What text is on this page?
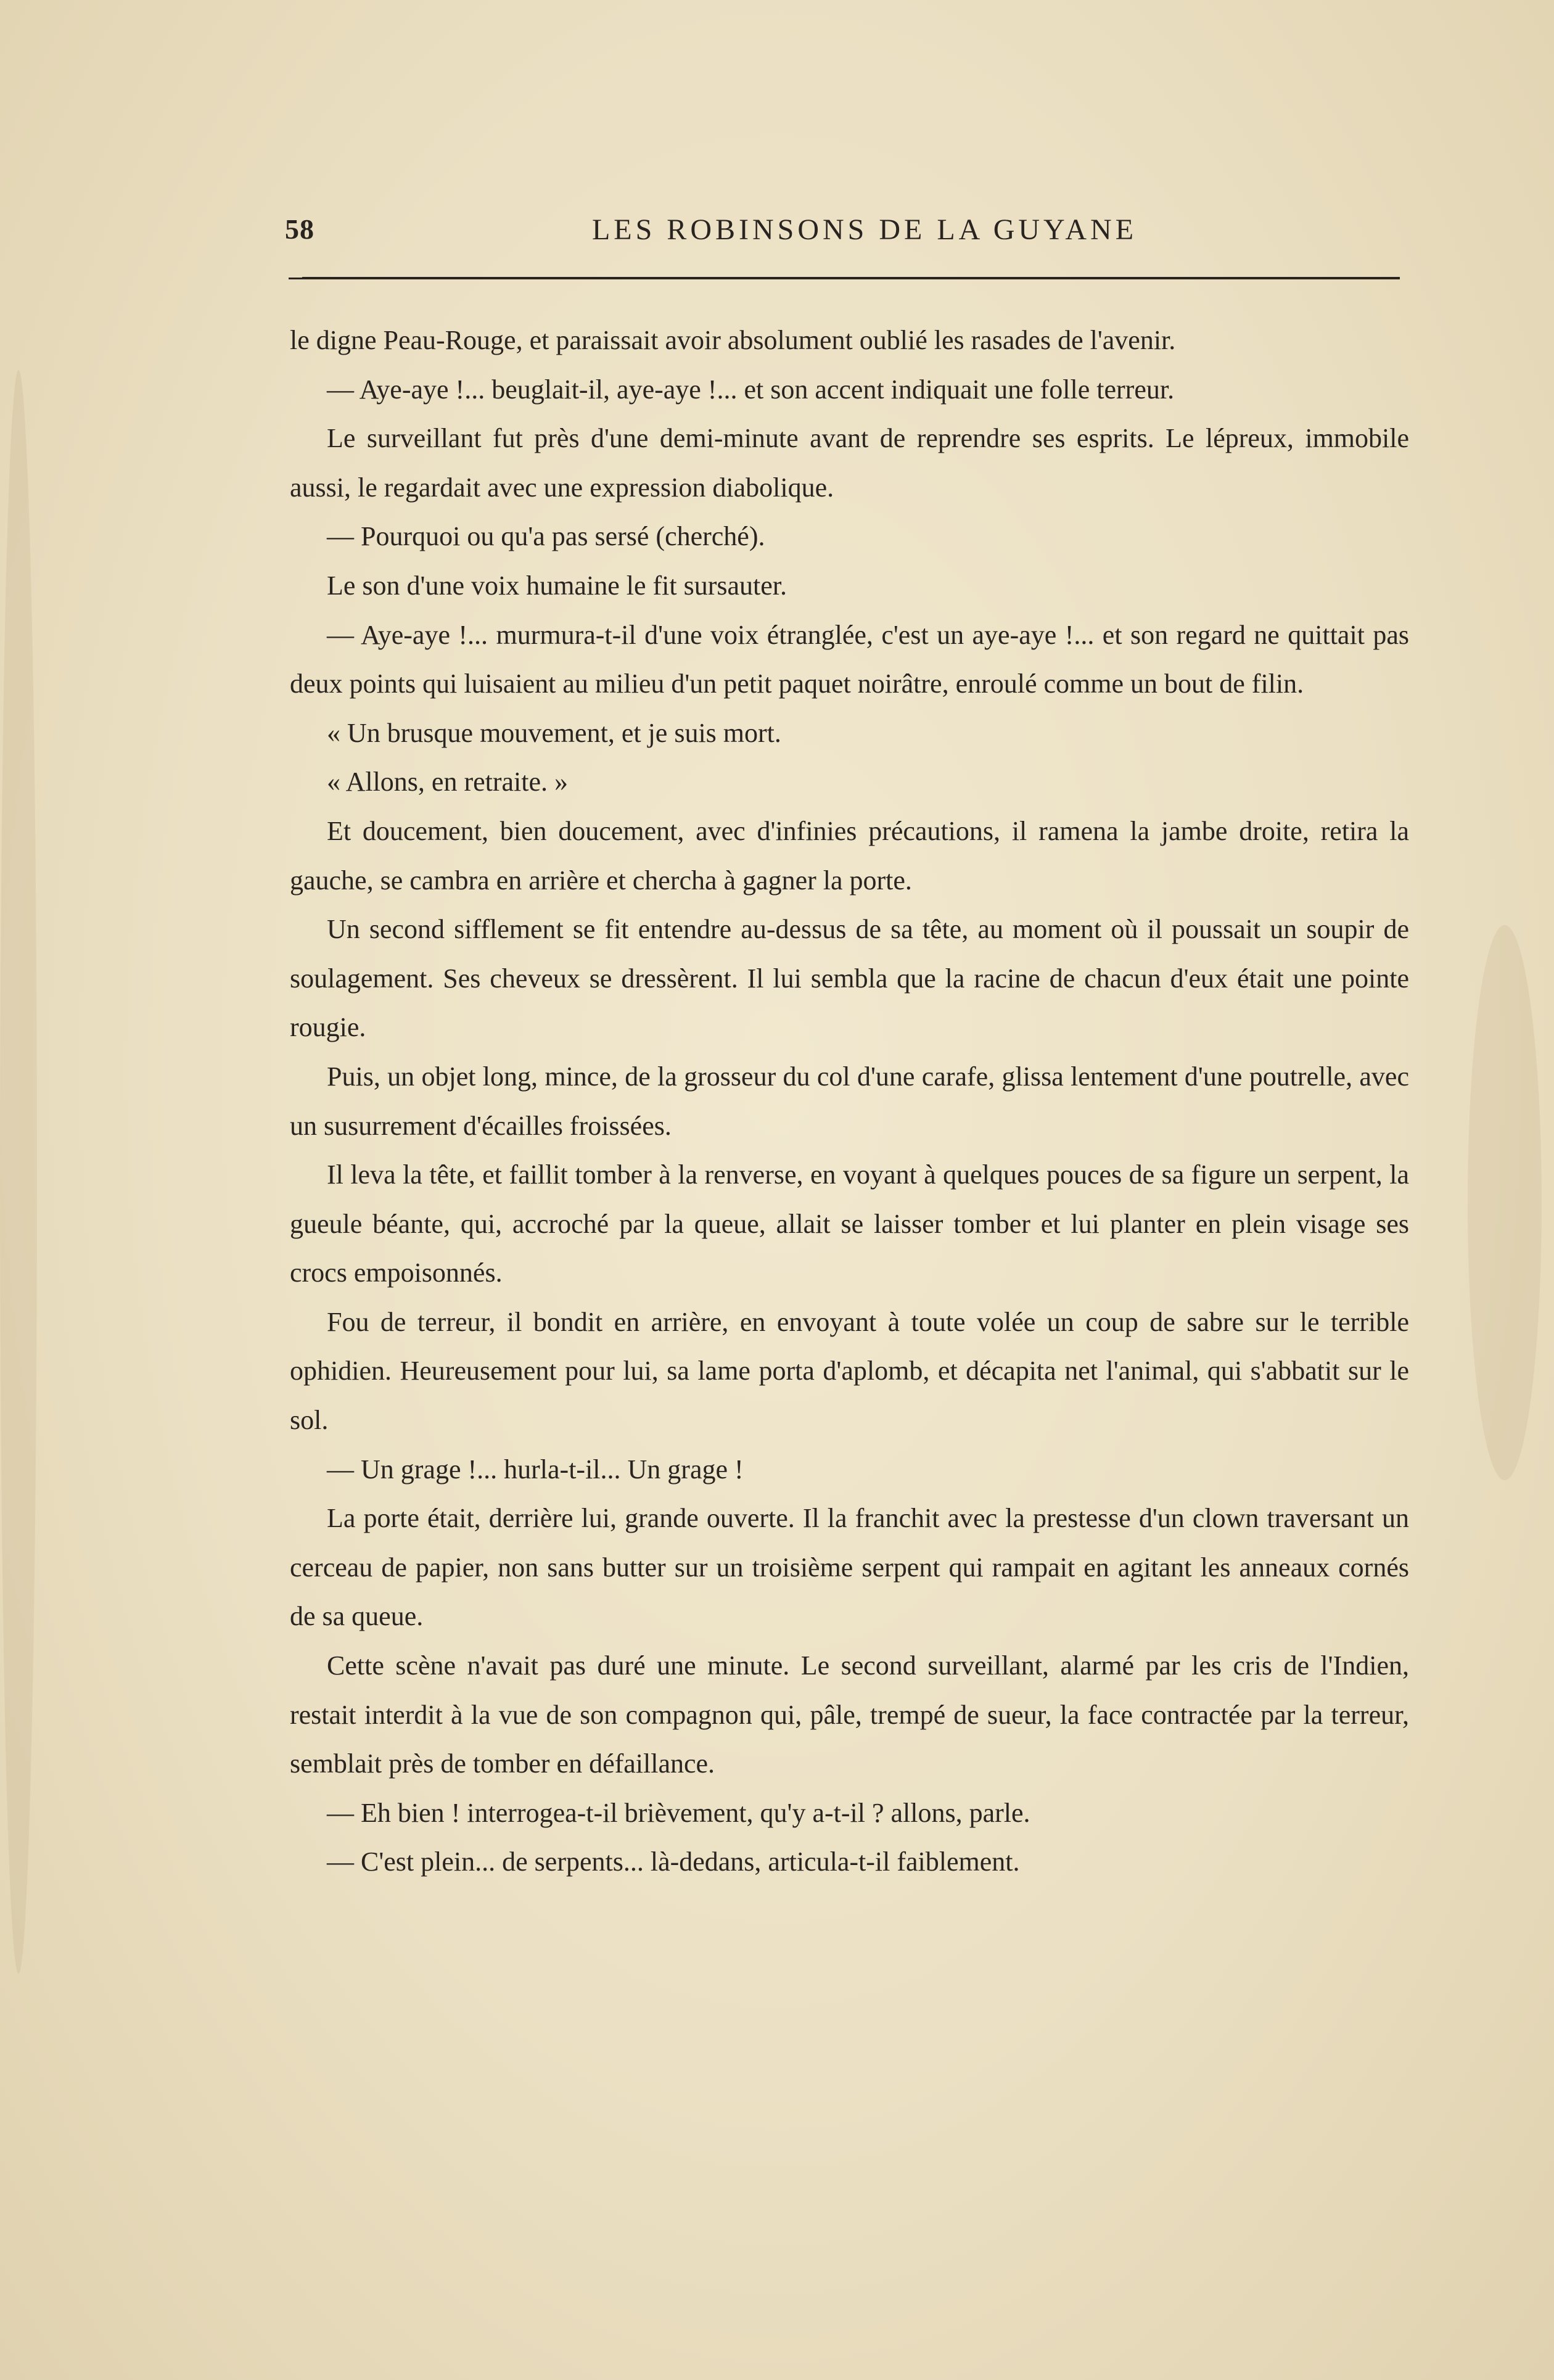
58	LES ROBINSONS DE LA GUYANE

le digne Peau-Rouge, et paraissait avoir absolument oublié les rasades de l'avenir.

— Aye-aye !... beuglait-il, aye-aye !... et son accent indiquait une folle terreur.

Le surveillant fut près d'une demi-minute avant de reprendre ses esprits. Le lépreux, immobile aussi, le regardait avec une expression diabolique.

— Pourquoi ou qu'a pas sersé (cherché).

Le son d'une voix humaine le fit sursauter.

— Aye-aye !... murmura-t-il d'une voix étranglée, c'est un aye-aye !... et son regard ne quittait pas deux points qui luisaient au milieu d'un petit paquet noirâtre, enroulé comme un bout de filin.

« Un brusque mouvement, et je suis mort.

« Allons, en retraite. »

Et doucement, bien doucement, avec d'infinies précautions, il ramena la jambe droite, retira la gauche, se cambra en arrière et chercha à gagner la porte.

Un second sifflement se fit entendre au-dessus de sa tête, au moment où il poussait un soupir de soulagement. Ses cheveux se dressèrent. Il lui sembla que la racine de chacun d'eux était une pointe rougie.

Puis, un objet long, mince, de la grosseur du col d'une carafe, glissa lentement d'une poutrelle, avec un susurrement d'écailles froissées.

Il leva la tête, et faillit tomber à la renverse, en voyant à quelques pouces de sa figure un serpent, la gueule béante, qui, accroché par la queue, allait se laisser tomber et lui planter en plein visage ses crocs empoisonnés.

Fou de terreur, il bondit en arrière, en envoyant à toute volée un coup de sabre sur le terrible ophidien. Heureusement pour lui, sa lame porta d'aplomb, et décapita net l'animal, qui s'abbatit sur le sol.

— Un grage !... hurla-t-il... Un grage !

La porte était, derrière lui, grande ouverte. Il la franchit avec la prestesse d'un clown traversant un cerceau de papier, non sans butter sur un troisième serpent qui rampait en agitant les anneaux cornés de sa queue.

Cette scène n'avait pas duré une minute. Le second surveillant, alarmé par les cris de l'Indien, restait interdit à la vue de son compagnon qui, pâle, trempé de sueur, la face contractée par la terreur, semblait près de tomber en défaillance.

— Eh bien ! interrogea-t-il brièvement, qu'y a-t-il ? allons, parle.

— C'est plein... de serpents... là-dedans, articula-t-il faiblement.
